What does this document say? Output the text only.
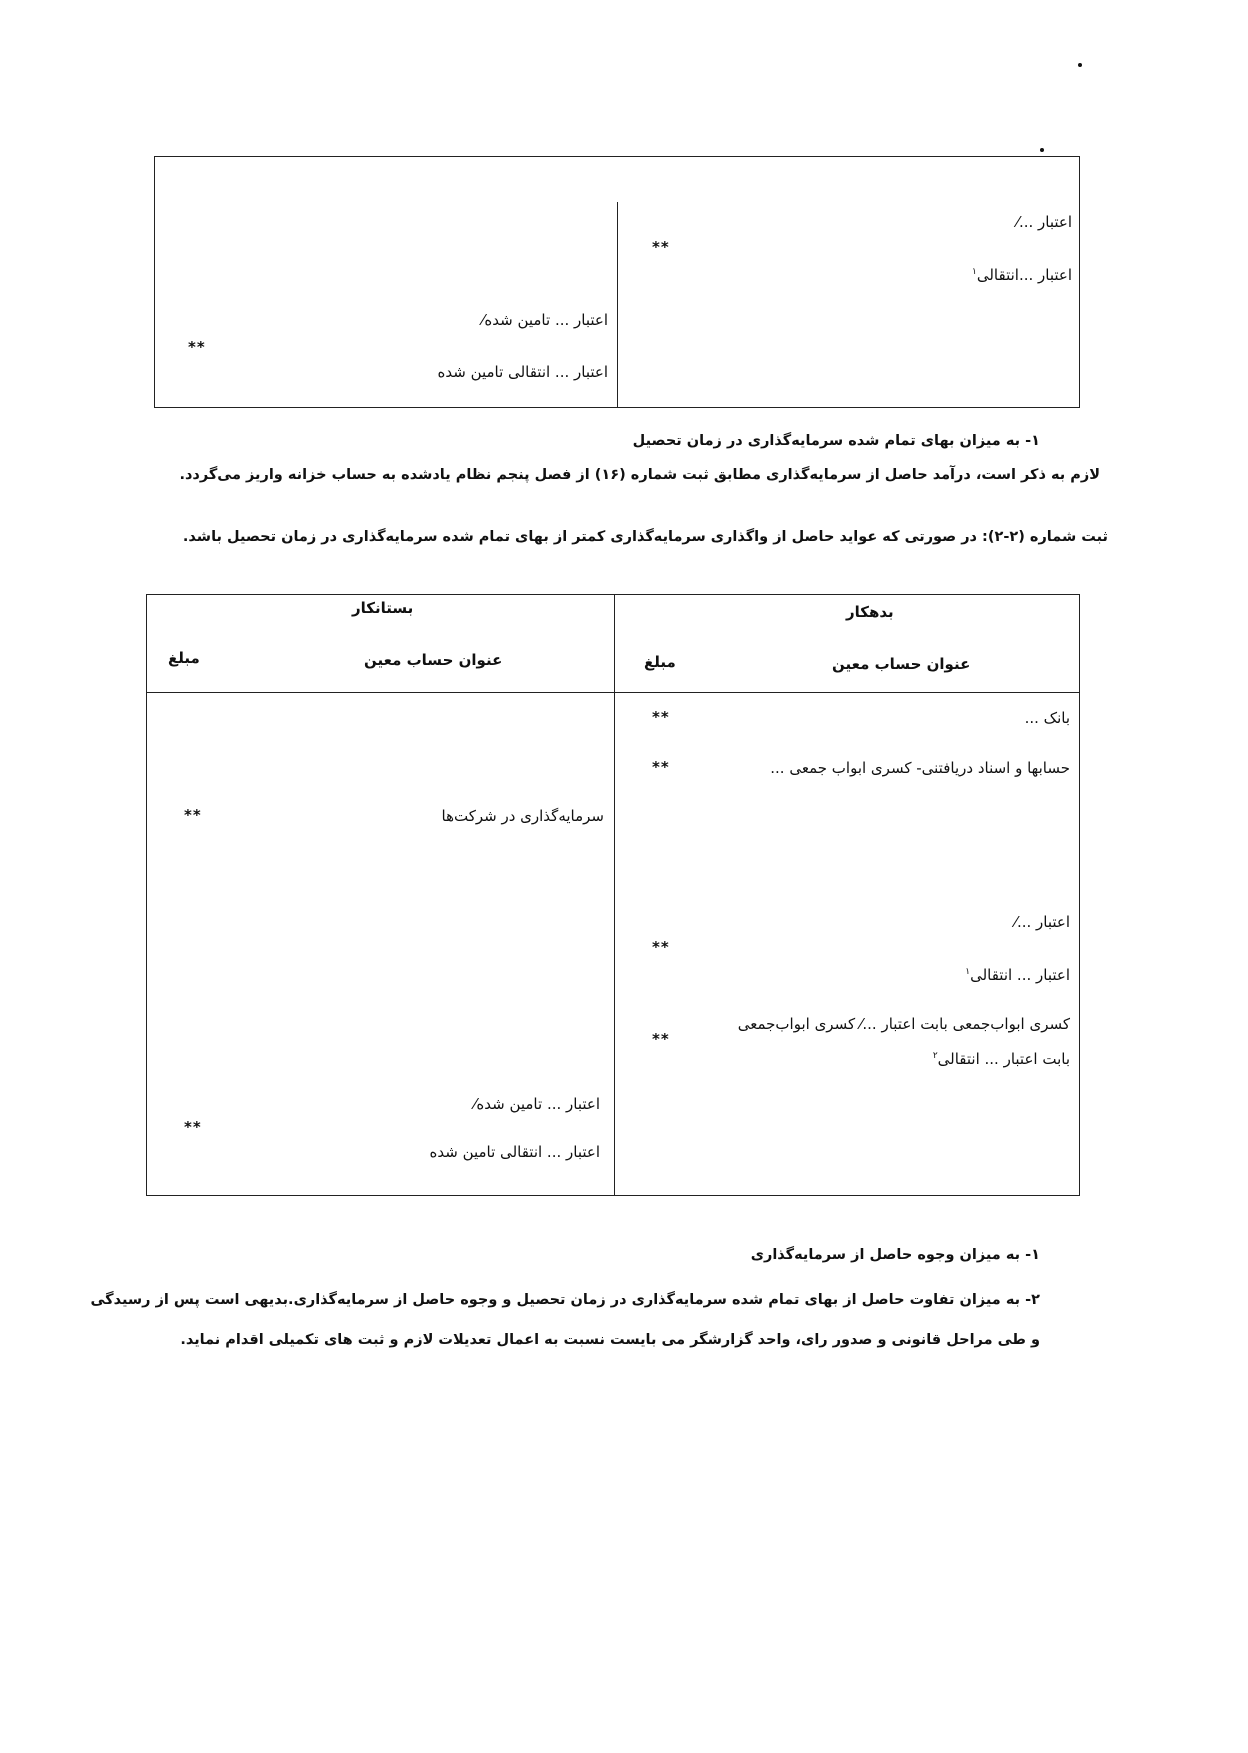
اعتبار ...⁄
**
اعتبار ...انتقالی$^۱$
اعتبار ... تامین شده⁄
**
اعتبار ... انتقالی تامین شده
۱- به میزان بهای تمام شده سرمایه‌گذاری در زمان تحصیل
لازم به ذکر است، درآمد حاصل از سرمایه‌گذاری مطابق ثبت شماره (۱۶) از فصل پنجم نظام یادشده به حساب خزانه واریز می‌گردد.
ثبت شماره (۲-۲): در صورتی که عواید حاصل از واگذاری سرمایه‌گذاری کمتر از بهای تمام شده سرمایه‌گذاری در زمان تحصیل باشد.
بدهکار
بستانکار
عنوان حساب معین
مبلغ
عنوان حساب معین
مبلغ
بانک ...
**
حسابها و اسناد دریافتنی- کسری ابواب جمعی ...
**
اعتبار ...⁄
**
اعتبار ... انتقالی$^۱$
کسری ابواب‌جمعی بابت اعتبار ...⁄ کسری ابواب‌جمعی
**
بابت اعتبار ... انتقالی$^۲$
سرمایه‌گذاری در شرکت‌ها
**
اعتبار ... تامین شده⁄
**
اعتبار ... انتقالی تامین شده
۱- به میزان وجوه حاصل از سرمایه‌گذاری
۲- به میزان تفاوت حاصل از بهای تمام شده سرمایه‌گذاری در زمان تحصیل و وجوه حاصل از سرمایه‌گذاری.بدیهی است پس از رسیدگی و طی مراحل قانونی و صدور رای، واحد گزارشگر می بایست نسبت به اعمال تعدیلات لازم و ثبت های تکمیلی اقدام نماید.
